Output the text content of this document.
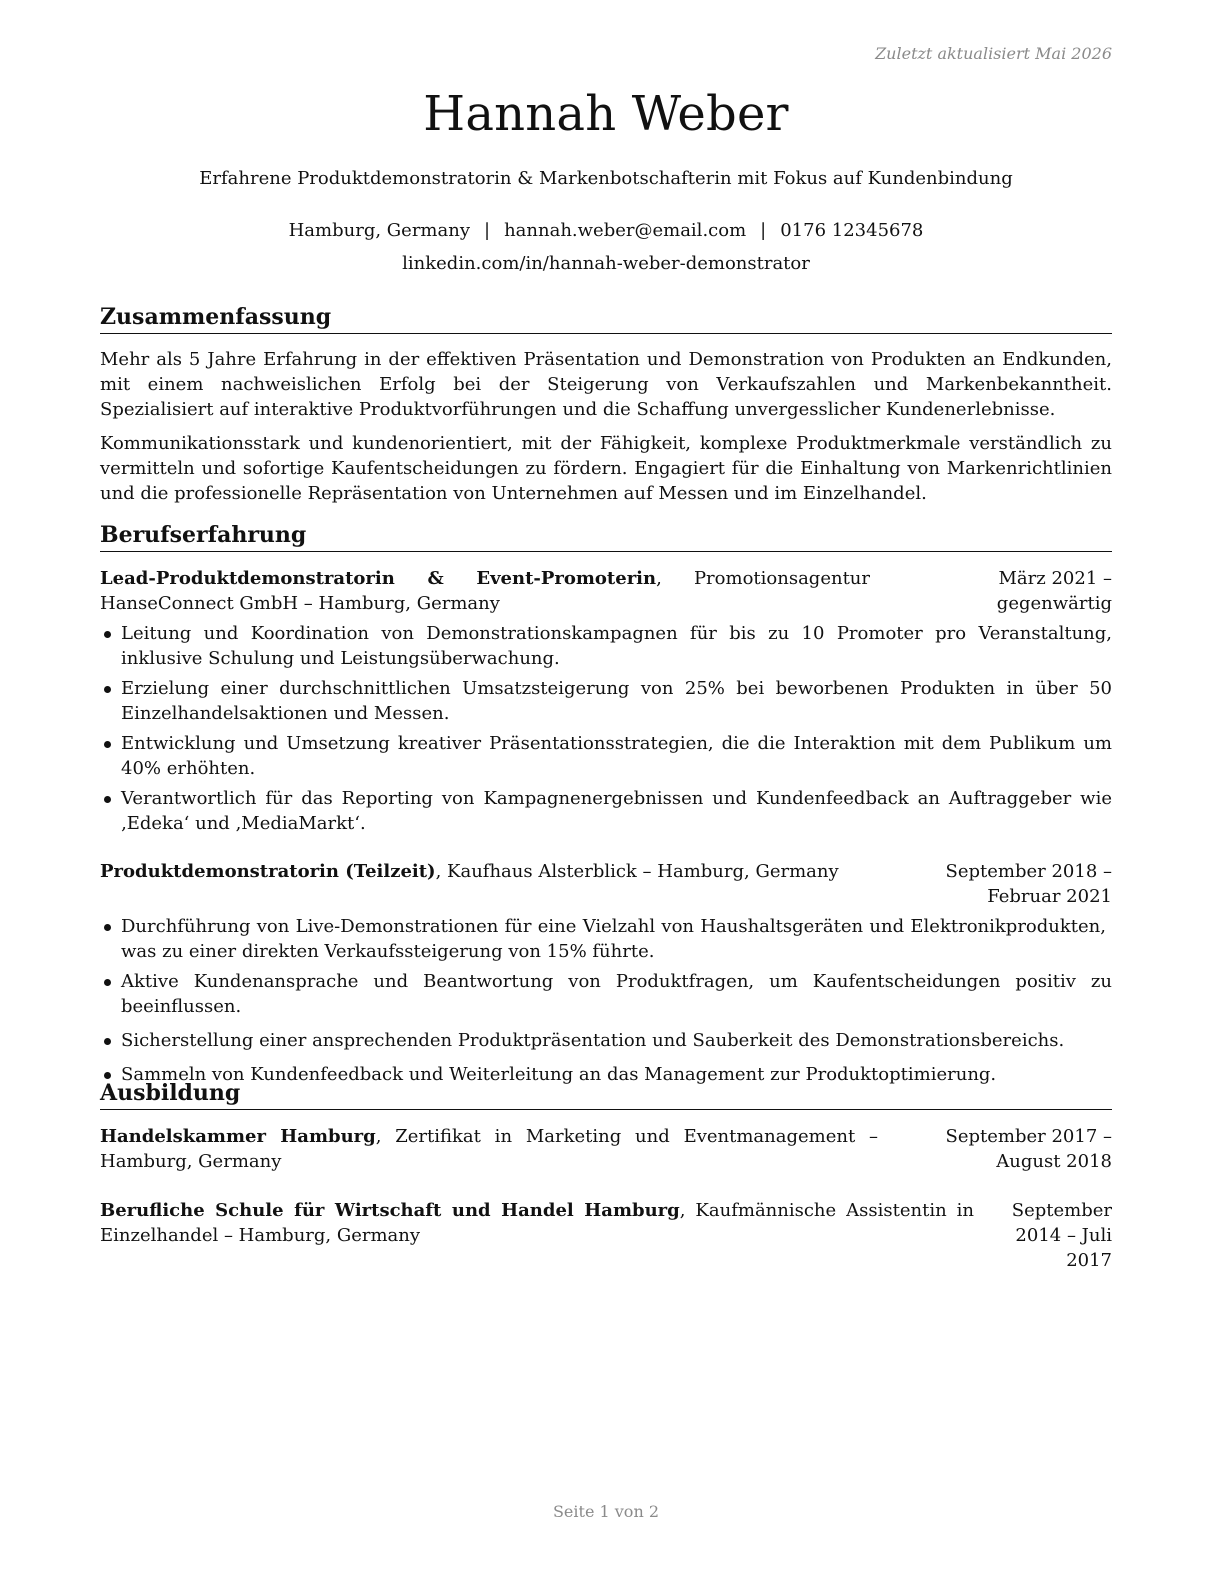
Zuletzt aktualisiert Mai 2026
Hannah Weber
Erfahrene Produktdemonstratorin & Markenbotschafterin mit Fokus auf Kundenbindung
Hamburg, Germany | hannah.weber@email.com | 0176 12345678
linkedin.com/in/hannah-weber-demonstrator
Zusammenfassung
Mehr als 5 Jahre Erfahrung in der effektiven Präsentation und Demonstration von Produkten an Endkunden, mit einem nachweislichen Erfolg bei der Steigerung von Verkaufszahlen und Markenbekanntheit. Spezialisiert auf interaktive Produktvorführungen und die Schaffung unvergesslicher Kundenerlebnisse.
Kommunikationsstark und kundenorientiert, mit der Fähigkeit, komplexe Produktmerkmale verständlich zu vermitteln und sofortige Kaufentscheidungen zu fördern. Engagiert für die Einhaltung von Markenrichtlinien und die professionelle Repräsentation von Unternehmen auf Messen und im Einzelhandel.
Berufserfahrung
Lead-Produktdemonstratorin & Event-Promoterin, Promotionsagentur HanseConnect GmbH – Hamburg, Germany
März 2021 – gegenwärtig
Leitung und Koordination von Demonstrationskampagnen für bis zu 10 Promoter pro Veranstaltung, inklusive Schulung und Leistungsüberwachung.
Erzielung einer durchschnittlichen Umsatzsteigerung von 25% bei beworbenen Produkten in über 50 Einzelhandelsaktionen und Messen.
Entwicklung und Umsetzung kreativer Präsentationsstrategien, die die Interaktion mit dem Publikum um 40% erhöhten.
Verantwortlich für das Reporting von Kampagnenergebnissen und Kundenfeedback an Auftraggeber wie ‚Edeka‘ und ‚MediaMarkt‘.
Produktdemonstratorin (Teilzeit), Kaufhaus Alsterblick – Hamburg, Germany	September 2018 – Februar 2021
Durchführung von Live-Demonstrationen für eine Vielzahl von Haushaltsgeräten und Elektronikprodukten, was zu einer direkten Verkaufssteigerung von 15% führte.
Aktive Kundenansprache und Beantwortung von Produktfragen, um Kaufentscheidungen positiv zu beeinflussen.
Sicherstellung einer ansprechenden Produktpräsentation und Sauberkeit des Demonstrationsbereichs.
Sammeln von Kundenfeedback und Weiterleitung an das Management zur Produktoptimierung.
Ausbildung
Handelskammer Hamburg, Zertifikat in Marketing und Eventmanagement – Hamburg, Germany
September 2017 – August 2018
Berufliche Schule für Wirtschaft und Handel Hamburg, Kaufmännische Assistentin in Einzelhandel – Hamburg, Germany
September 2014 – Juli 2017
Seite 1 von 2
